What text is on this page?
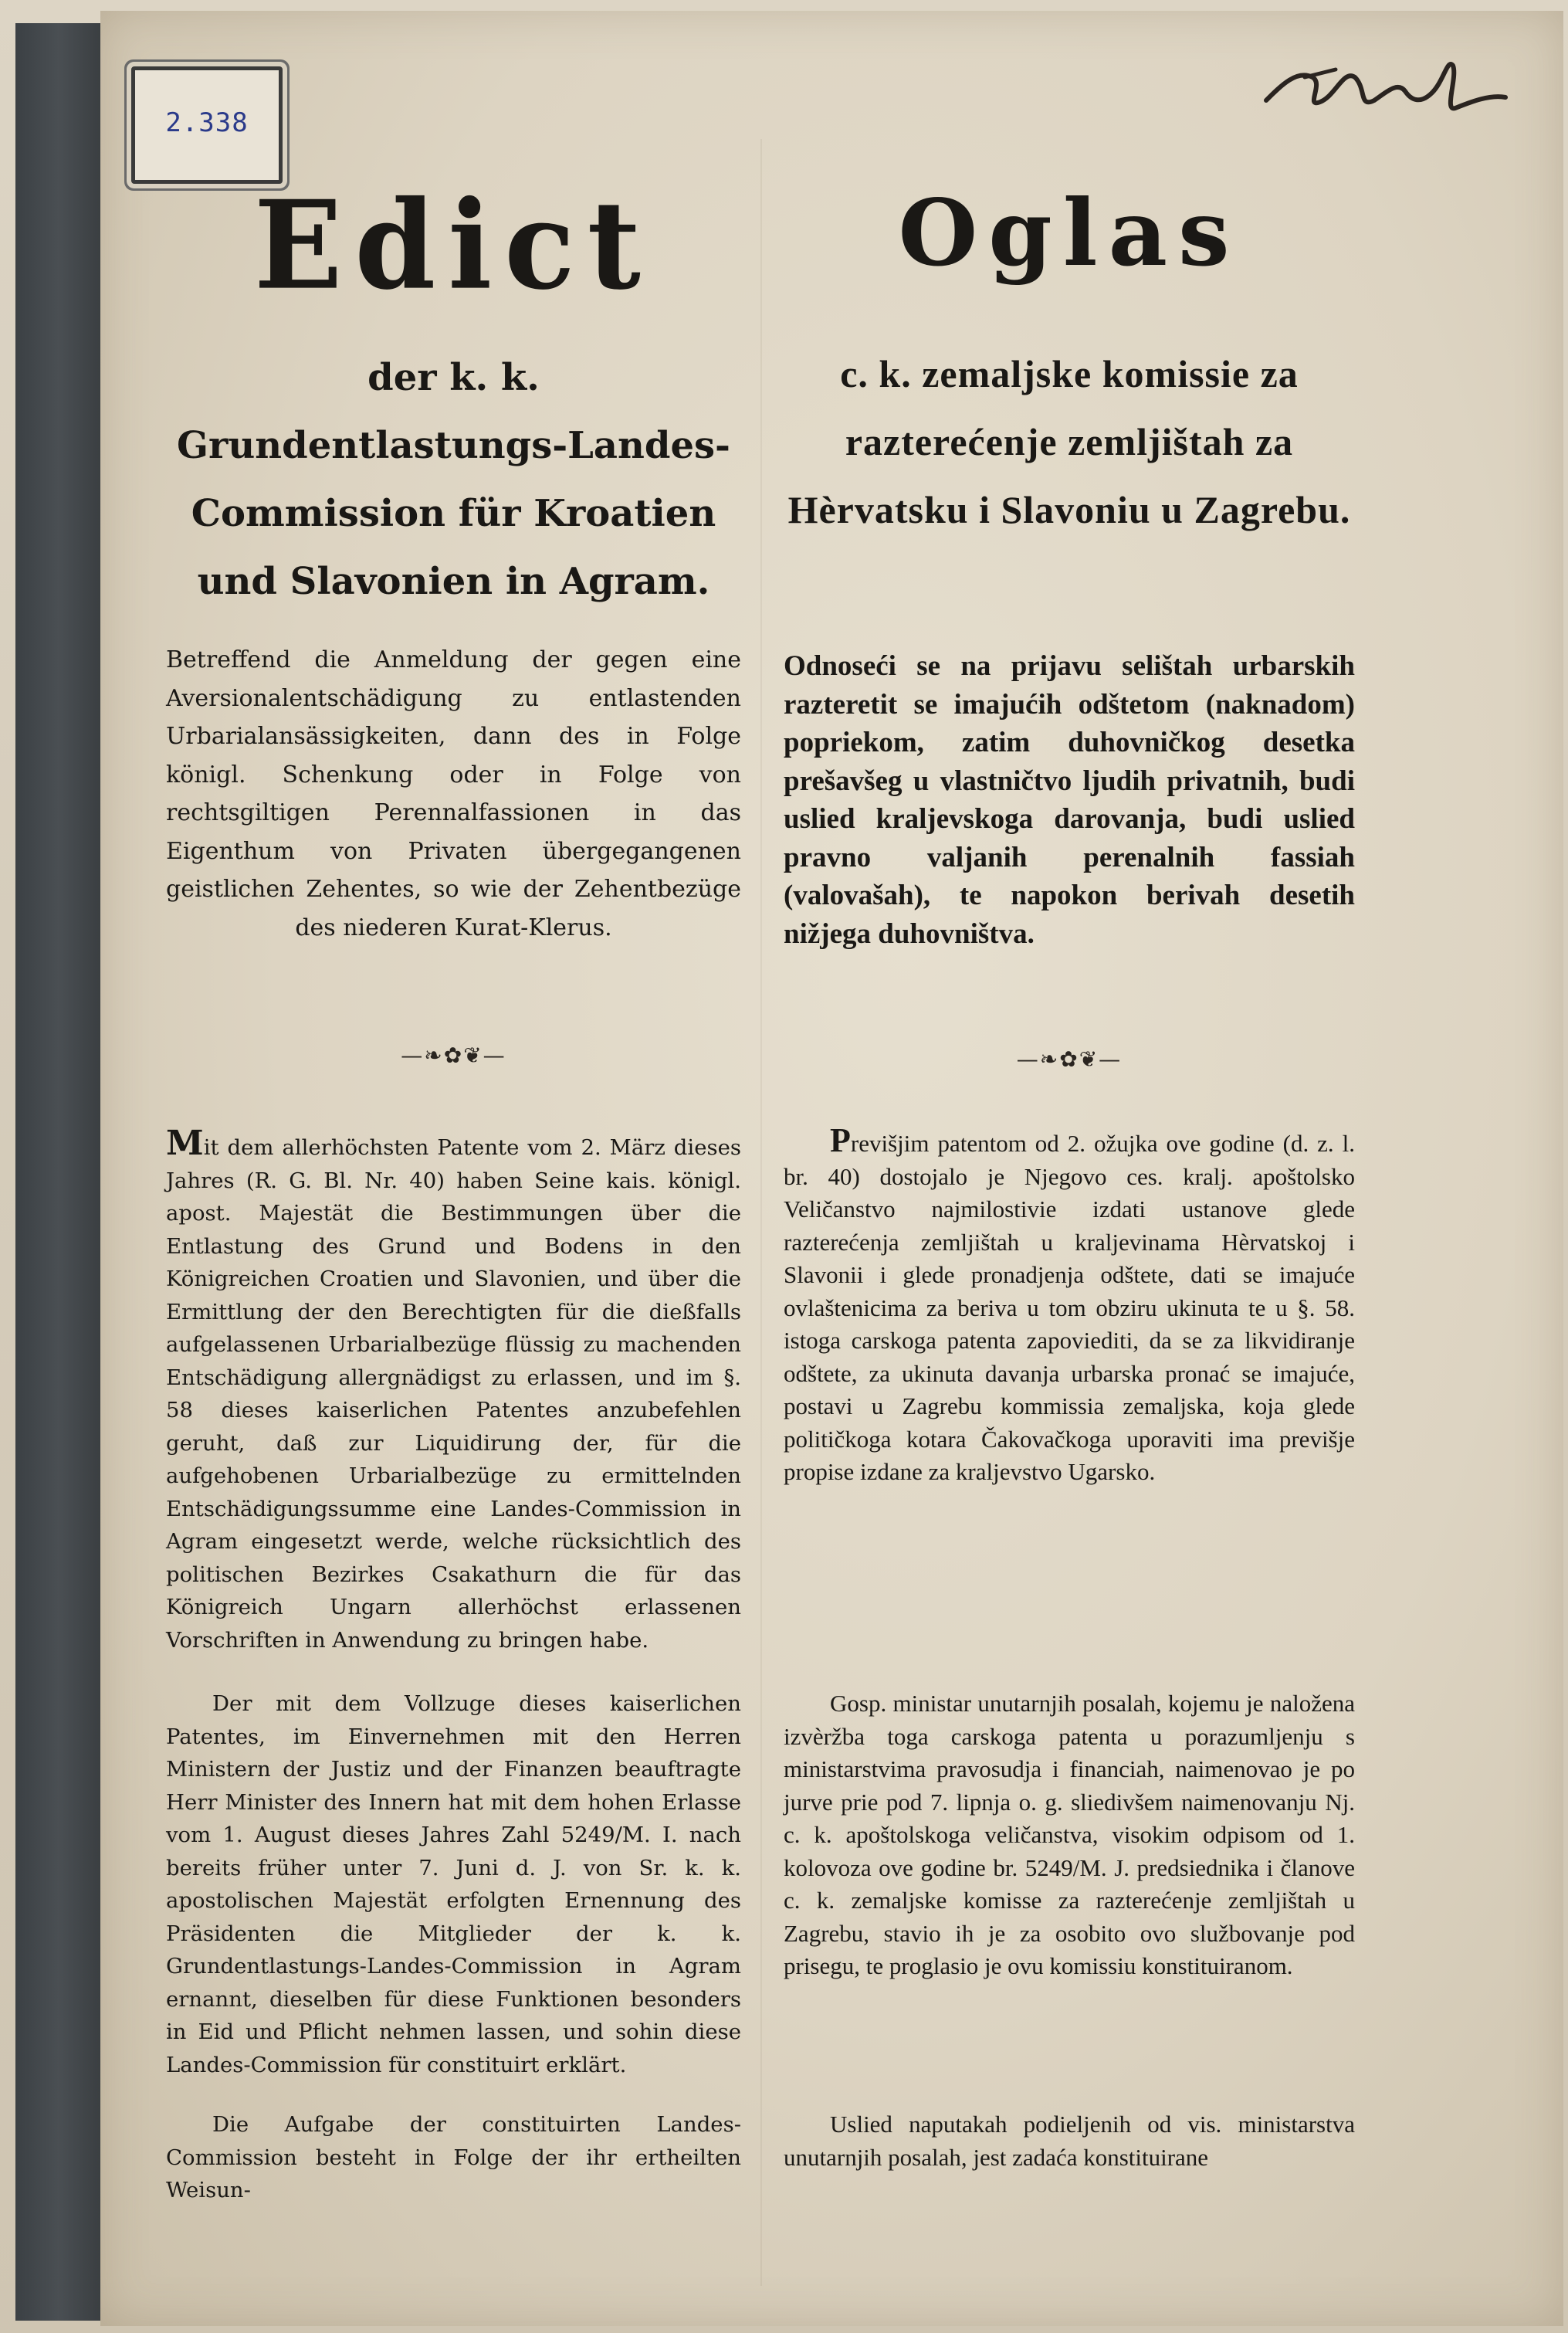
2.338
Edict
der k. k. Grundentlastungs-Landes-Commission für Kroatien und Slavonien in Agram.
Betreffend die Anmeldung der gegen eine Aversionalentschädigung zu entlastenden Urbarialansässigkeiten, dann des in Folge königl. Schenkung oder in Folge von rechtsgiltigen Perennalfassionen in das Eigenthum von Privaten übergegangenen geistlichen Zehentes, so wie der Zehentbezüge des niederen Kurat-Klerus.
—❧✿❦—
Mit dem allerhöchsten Patente vom 2. März dieses Jahres (R. G. Bl. Nr. 40) haben Seine kais. königl. apost. Majestät die Bestimmungen über die Entlastung des Grund und Bodens in den Königreichen Croatien und Slavonien, und über die Ermittlung der den Berechtigten für die dießfalls aufgelassenen Urbarialbezüge flüssig zu machenden Entschädigung allergnädigst zu erlassen, und im §. 58 dieses kaiserlichen Patentes anzubefehlen geruht, daß zur Liquidirung der, für die aufgehobenen Urbarialbezüge zu ermittelnden Entschädigungssumme eine Landes-Commission in Agram eingesetzt werde, welche rücksichtlich des politischen Bezirkes Csakathurn die für das Königreich Ungarn allerhöchst erlassenen Vorschriften in Anwendung zu bringen habe.
Der mit dem Vollzuge dieses kaiserlichen Patentes, im Einvernehmen mit den Herren Ministern der Justiz und der Finanzen beauftragte Herr Minister des Innern hat mit dem hohen Erlasse vom 1. August dieses Jahres Zahl 5249/M. I. nach bereits früher unter 7. Juni d. J. von Sr. k. k. apostolischen Majestät erfolgten Ernennung des Präsidenten die Mitglieder der k. k. Grundentlastungs-Landes-Commission in Agram ernannt, dieselben für diese Funktionen besonders in Eid und Pflicht nehmen lassen, und sohin diese Landes-Commission für constituirt erklärt.
Die Aufgabe der constituirten Landes-Commission besteht in Folge der ihr ertheilten Weisun-
Oglas
c. k. zemaljske komissie za razterećenje zemljištah za Hèrvatsku i Slavoniu u Zagrebu.
Odnoseći se na prijavu selištah urbarskih razteretit se imajućih odštetom (naknadom) popriekom, zatim duhovničkog desetka prešavšeg u vlastničtvo ljudih privatnih, budi uslied kraljevskoga darovanja, budi uslied pravno valjanih perenalnih fassiah (valovašah), te napokon berivah desetih nižjega duhovništva.
—❧✿❦—
Previšjim patentom od 2. ožujka ove godine (d. z. l. br. 40) dostojalo je Njegovo ces. kralj. apoštolsko Veličanstvo najmilostivie izdati ustanove glede razterećenja zemljištah u kraljevinama Hèrvatskoj i Slavonii i glede pronadjenja odštete, dati se imajuće ovlaštenicima za beriva u tom obziru ukinuta te u §. 58. istoga carskoga patenta zapovieditі, da se za likvidiranje odštete, za ukinuta davanja urbarska pronać se imajuće, postavi u Zagrebu kommissia zemaljska, koja glede političkoga kotara Čakovačkoga uporaviti ima previšje propise izdane za kraljevstvo Ugarsko.
Gosp. ministar unutarnjih posalah, kojemu je naložena izvèržba toga carskoga patenta u porazumljenju s ministarstvima pravosudja i financiah, naimenovao je po jurve prie pod 7. lipnja o. g. sliedivšem naimenovanju Nj. c. k. apoštolskoga veličanstva, visokim odpisom od 1. kolovoza ove godine br. 5249/M. J. predsiednika i članove c. k. zemaljske komisse za razterećenje zemljištah u Zagrebu, stavio ih je za osobito ovo službovanje pod prisegu, te proglasio je ovu komissiu konstituiranom.
Uslied naputakah podieljenih od vis. ministarstva unutarnjih posalah, jest zadaća konstituirane
